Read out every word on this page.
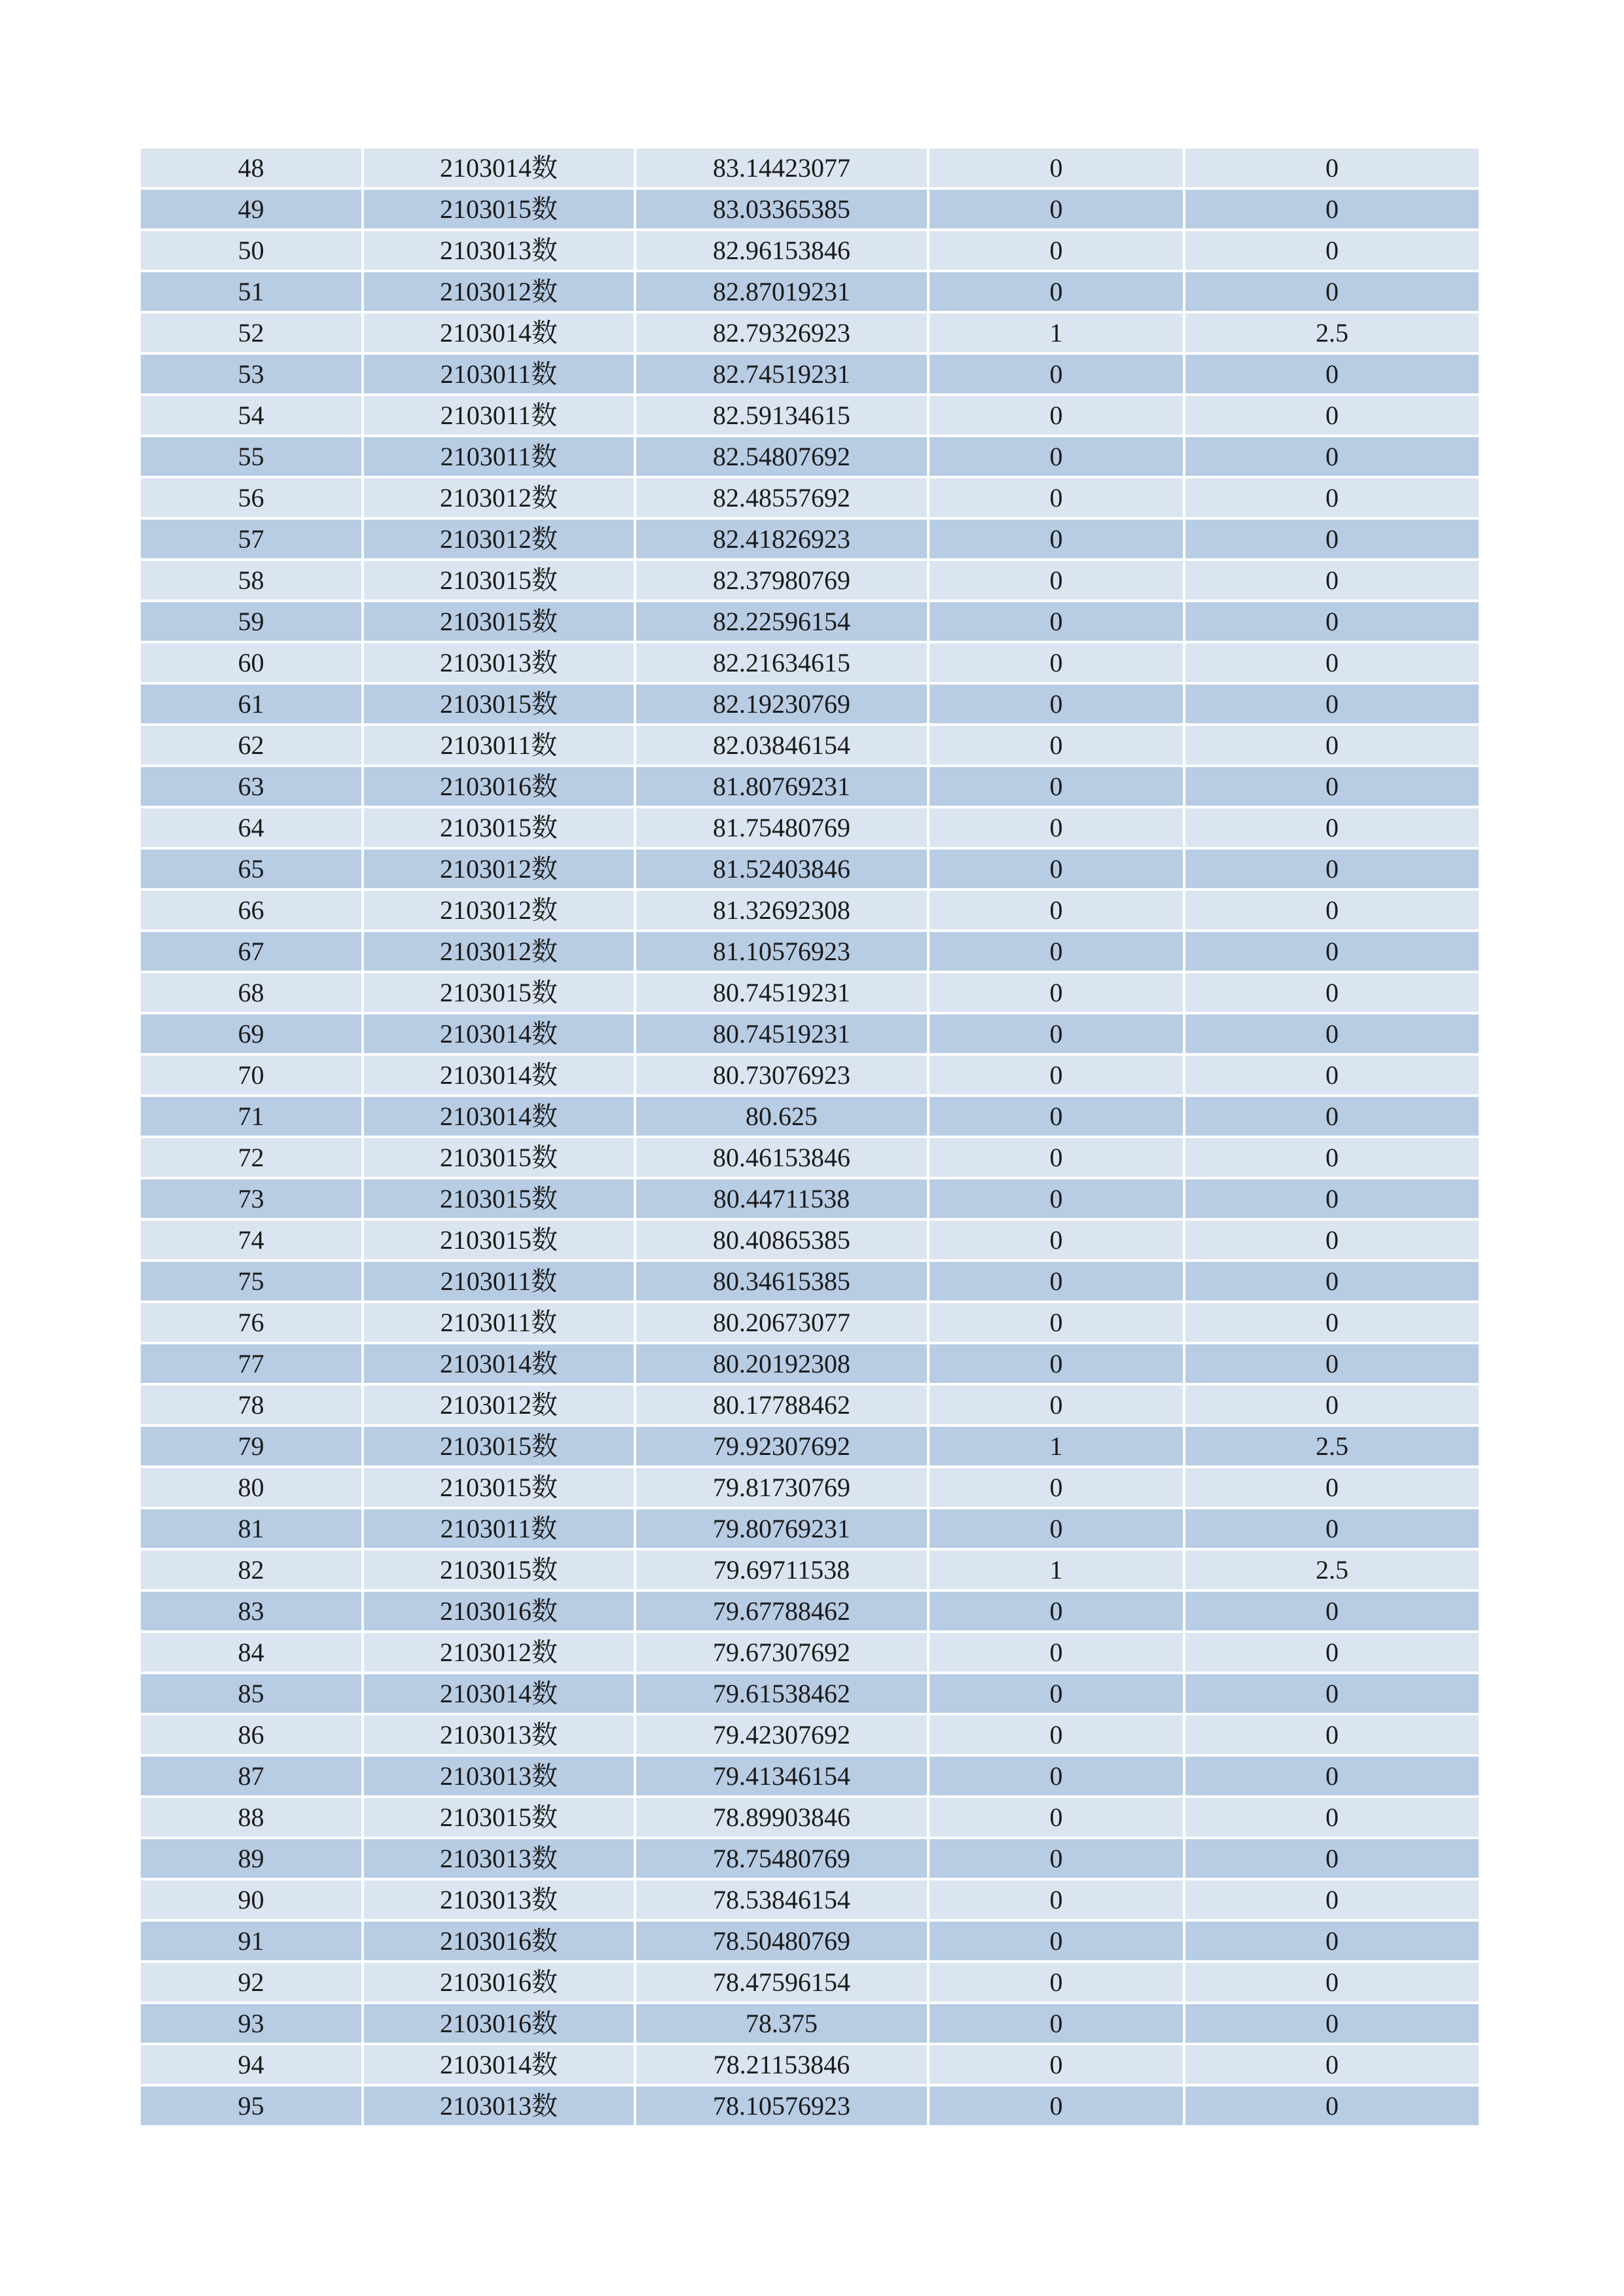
48	2103014数	83.14423077	0	0
49	2103015数	83.03365385	0	0
50	2103013数	82.96153846	0	0
51	2103012数	82.87019231	0	0
52	2103014数	82.79326923	1	2.5
53	2103011数	82.74519231	0	0
54	2103011数	82.59134615	0	0
55	2103011数	82.54807692	0	0
56	2103012数	82.48557692	0	0
57	2103012数	82.41826923	0	0
58	2103015数	82.37980769	0	0
59	2103015数	82.22596154	0	0
60	2103013数	82.21634615	0	0
61	2103015数	82.19230769	0	0
62	2103011数	82.03846154	0	0
63	2103016数	81.80769231	0	0
64	2103015数	81.75480769	0	0
65	2103012数	81.52403846	0	0
66	2103012数	81.32692308	0	0
67	2103012数	81.10576923	0	0
68	2103015数	80.74519231	0	0
69	2103014数	80.74519231	0	0
70	2103014数	80.73076923	0	0
71	2103014数	80.625	0	0
72	2103015数	80.46153846	0	0
73	2103015数	80.44711538	0	0
74	2103015数	80.40865385	0	0
75	2103011数	80.34615385	0	0
76	2103011数	80.20673077	0	0
77	2103014数	80.20192308	0	0
78	2103012数	80.17788462	0	0
79	2103015数	79.92307692	1	2.5
80	2103015数	79.81730769	0	0
81	2103011数	79.80769231	0	0
82	2103015数	79.69711538	1	2.5
83	2103016数	79.67788462	0	0
84	2103012数	79.67307692	0	0
85	2103014数	79.61538462	0	0
86	2103013数	79.42307692	0	0
87	2103013数	79.41346154	0	0
88	2103015数	78.89903846	0	0
89	2103013数	78.75480769	0	0
90	2103013数	78.53846154	0	0
91	2103016数	78.50480769	0	0
92	2103016数	78.47596154	0	0
93	2103016数	78.375	0	0
94	2103014数	78.21153846	0	0
95	2103013数	78.10576923	0	0
